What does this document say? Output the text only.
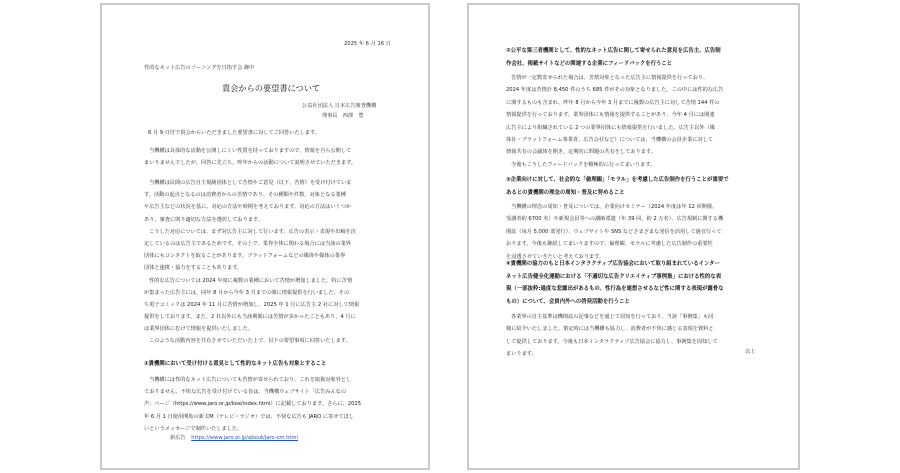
2025 年 6 月 16 日
性的なネット広告のゾーニングを日指す会 御中
貴会からの要望書について
公益社団法人 日本広告審査機構
理事長　西澤　豊
6 月 9 日付で貴会からいただきました要望書に対してご回答いたします。
当機構は具体的な活動を公開しにくい性質を持っておりますので、情報を自ら公開して
まいりませんでしたが、回答に先立ち、昨年からの活動について説明させていただきます。
当機構は民間の広告自主規制団体として苦情やご意見（以下、苦情）を受け付けていま
す。活動の起点となるのは消費者からの苦情であり、その種類や件数、対象となる業種
や広告主などの状況を基に、対応の方法や時期を考えております。対応の方法はいくつか
あり、審査に則り適切な方法を選択しております。
こうした対応については、まず対広告主に対して行います。広告の表示・表現や出稿を決
定しているのは広告主であるためです。その上で、業界全体に関わる場合には当該の業界
団体にもコンタクトを取ることがあります。プラットフォームなどの媒体や媒体の業界
団体と連携・協力をすることもあります。
性的な広告については 2024 年度に複数の業種において苦情が増加しました。特に苦情
が集まった広告主には、同年 8 月から今年 3 月までの間に情報提供を行いました。その
ち電子コミックは 2024 年 11 月に苦情が増加し、2025 年 1 月に広告主 2 社に対して情報
提供をしております。また、2 社以外にも当該期間には苦情が多かったこともあり、4 月に
は業界団体にむけて情報を提供いたしました。
このような活動内容を共有させていただいた上で、以下の要望事項に回答いたします。
①貴機関において受け付ける意見として性的なネット広告も対象とすること
当機構には性的なネット広告についても苦情が寄せられており、これを取扱対象外とし
ておりません。不快な広告を受け付けている旨は、当機構ウェブサイト「広告みんなの
声」ページ（https://www.jaro.or.jp/koe/index.html）に記載しております。さらに、2025
年 6 月 1 日使用開始の新 CM（テレビ・ラジオ）では、不快な広告も JARO に寄せてほし
いというメッセージで制作いたしました。
新広告 https://www.jaro.or.jp/about/jaro-cm.html
②公平な第三者機関として、性的なネット広告に関して寄せられた意見を広告主、広告制
作会社、掲載サイトなどの関連する企業にフィードバックを行うこと
苦情が一定数寄せられた場合は、苦情対象となった広告主に情報提供を行っており、
2024 年度は苦情計 8,450 件のうち 685 件がその対象となりました。この中には性的な広告
に関するものも含まれ、昨年 8 月から今年 3 月までに複数の広告主に対して苦情 144 件の
情報提供を行っております。業界団体にも情報を提供することがあり、今年 4 月には関連
広告主により組織されている 2 つの業界団体にも情報提供を行いました。広告主以外（媒
体社・プラットフォーム事業者、広告会社など）については、当機構の会員企業に対して
情報共有の会議体を開き、定期的に問題の共有をしております。
今後もこうしたフィードバックを積極的に行ってまいります。
③企業向けに対して、社会的な「倫理観」「モラル」を考慮した広告制作を行うことが重要で
あるとの貴機関の理念の周知・普及に努めること
当機構の理念の周知・普及については、企業向けセミナー（2024 年度は年 12 回開催、
受講者約 6700 名）や新規会員等への講師派遣（年 39 回、約 2 万名）、広告規制に関する機
関誌（毎月 5,000 部発行）、ウェブサイトや SNS などさまざまな発信を活用して過宜行って
おります。今後も継続してまいりますので、倫理観、モラルに考慮した広告制作の重要性
を浸透させていきたいと考えております。
④貴機関の協力のもと日本インタラクティブ広告協会において取り組まれているインター
ネット広告健全化運動における「不適切な広告クリエイティブ事例集」における性的な表
現（一部抜粋:過度な悲露出があるもの、性行為を連想させるなど性に関する表現が露骨な
もの）について、会員内外への啓発活動を行うこと
各業界の自主基準は機関誌の記事などを通じて周知を行っており、当該「事例集」も同
様に紹介いたしました。策定時には当機構も協力し、消費者が不快に感じる表現を資料と
して提供しております。今後も日本インタラクティブ広告協会に協力し、事例集を周知して
まいります。	以上
